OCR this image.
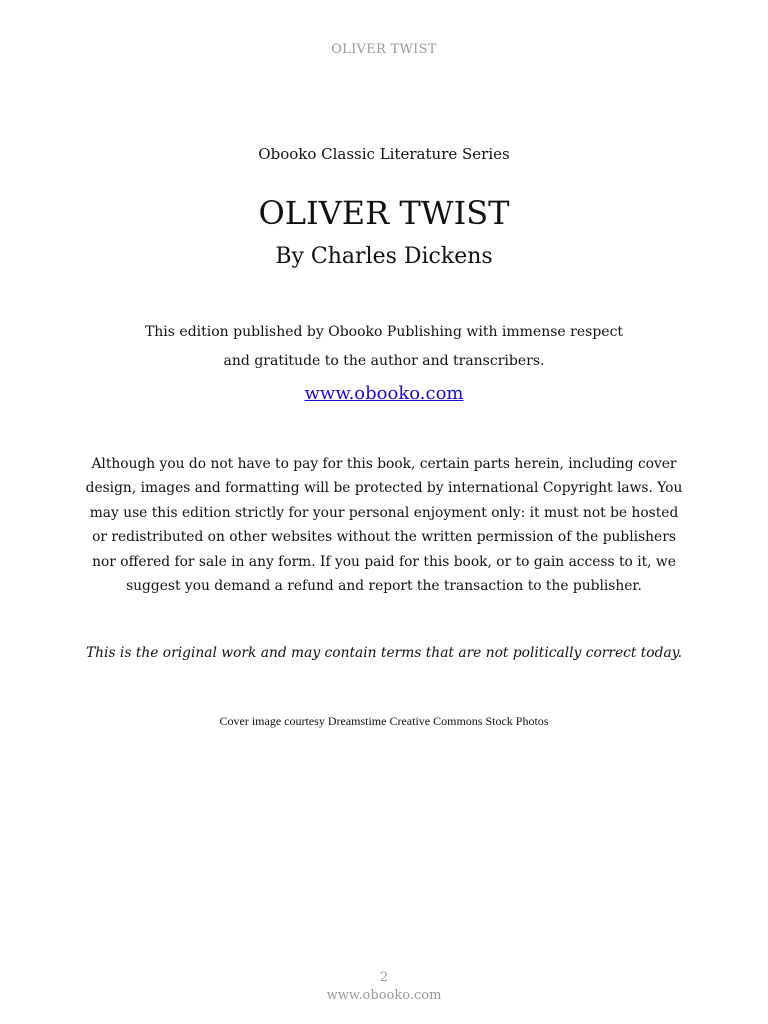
OLIVER TWIST

Obooko Classic Literature Series

OLIVER TWIST
By Charles Dickens
This edition published by Obooko Publishing with immense respect
and gratitude to the author and transcribers.

www.obooko.com

Although you do not have to pay for this book, certain parts herein, including cover design, images and formatting will be protected by international Copyright laws. You may use this edition strictly for your personal enjoyment only: it must not be hosted or redistributed on other websites without the written permission of the publishers nor offered for sale in any form. If you paid for this book, or to gain access to it, we suggest you demand a refund and report the transaction to the publisher.

This is the original work and may contain terms that are not politically correct today.

Cover image courtesy Dreamstime Creative Commons Stock Photos

2

www.obooko.com
